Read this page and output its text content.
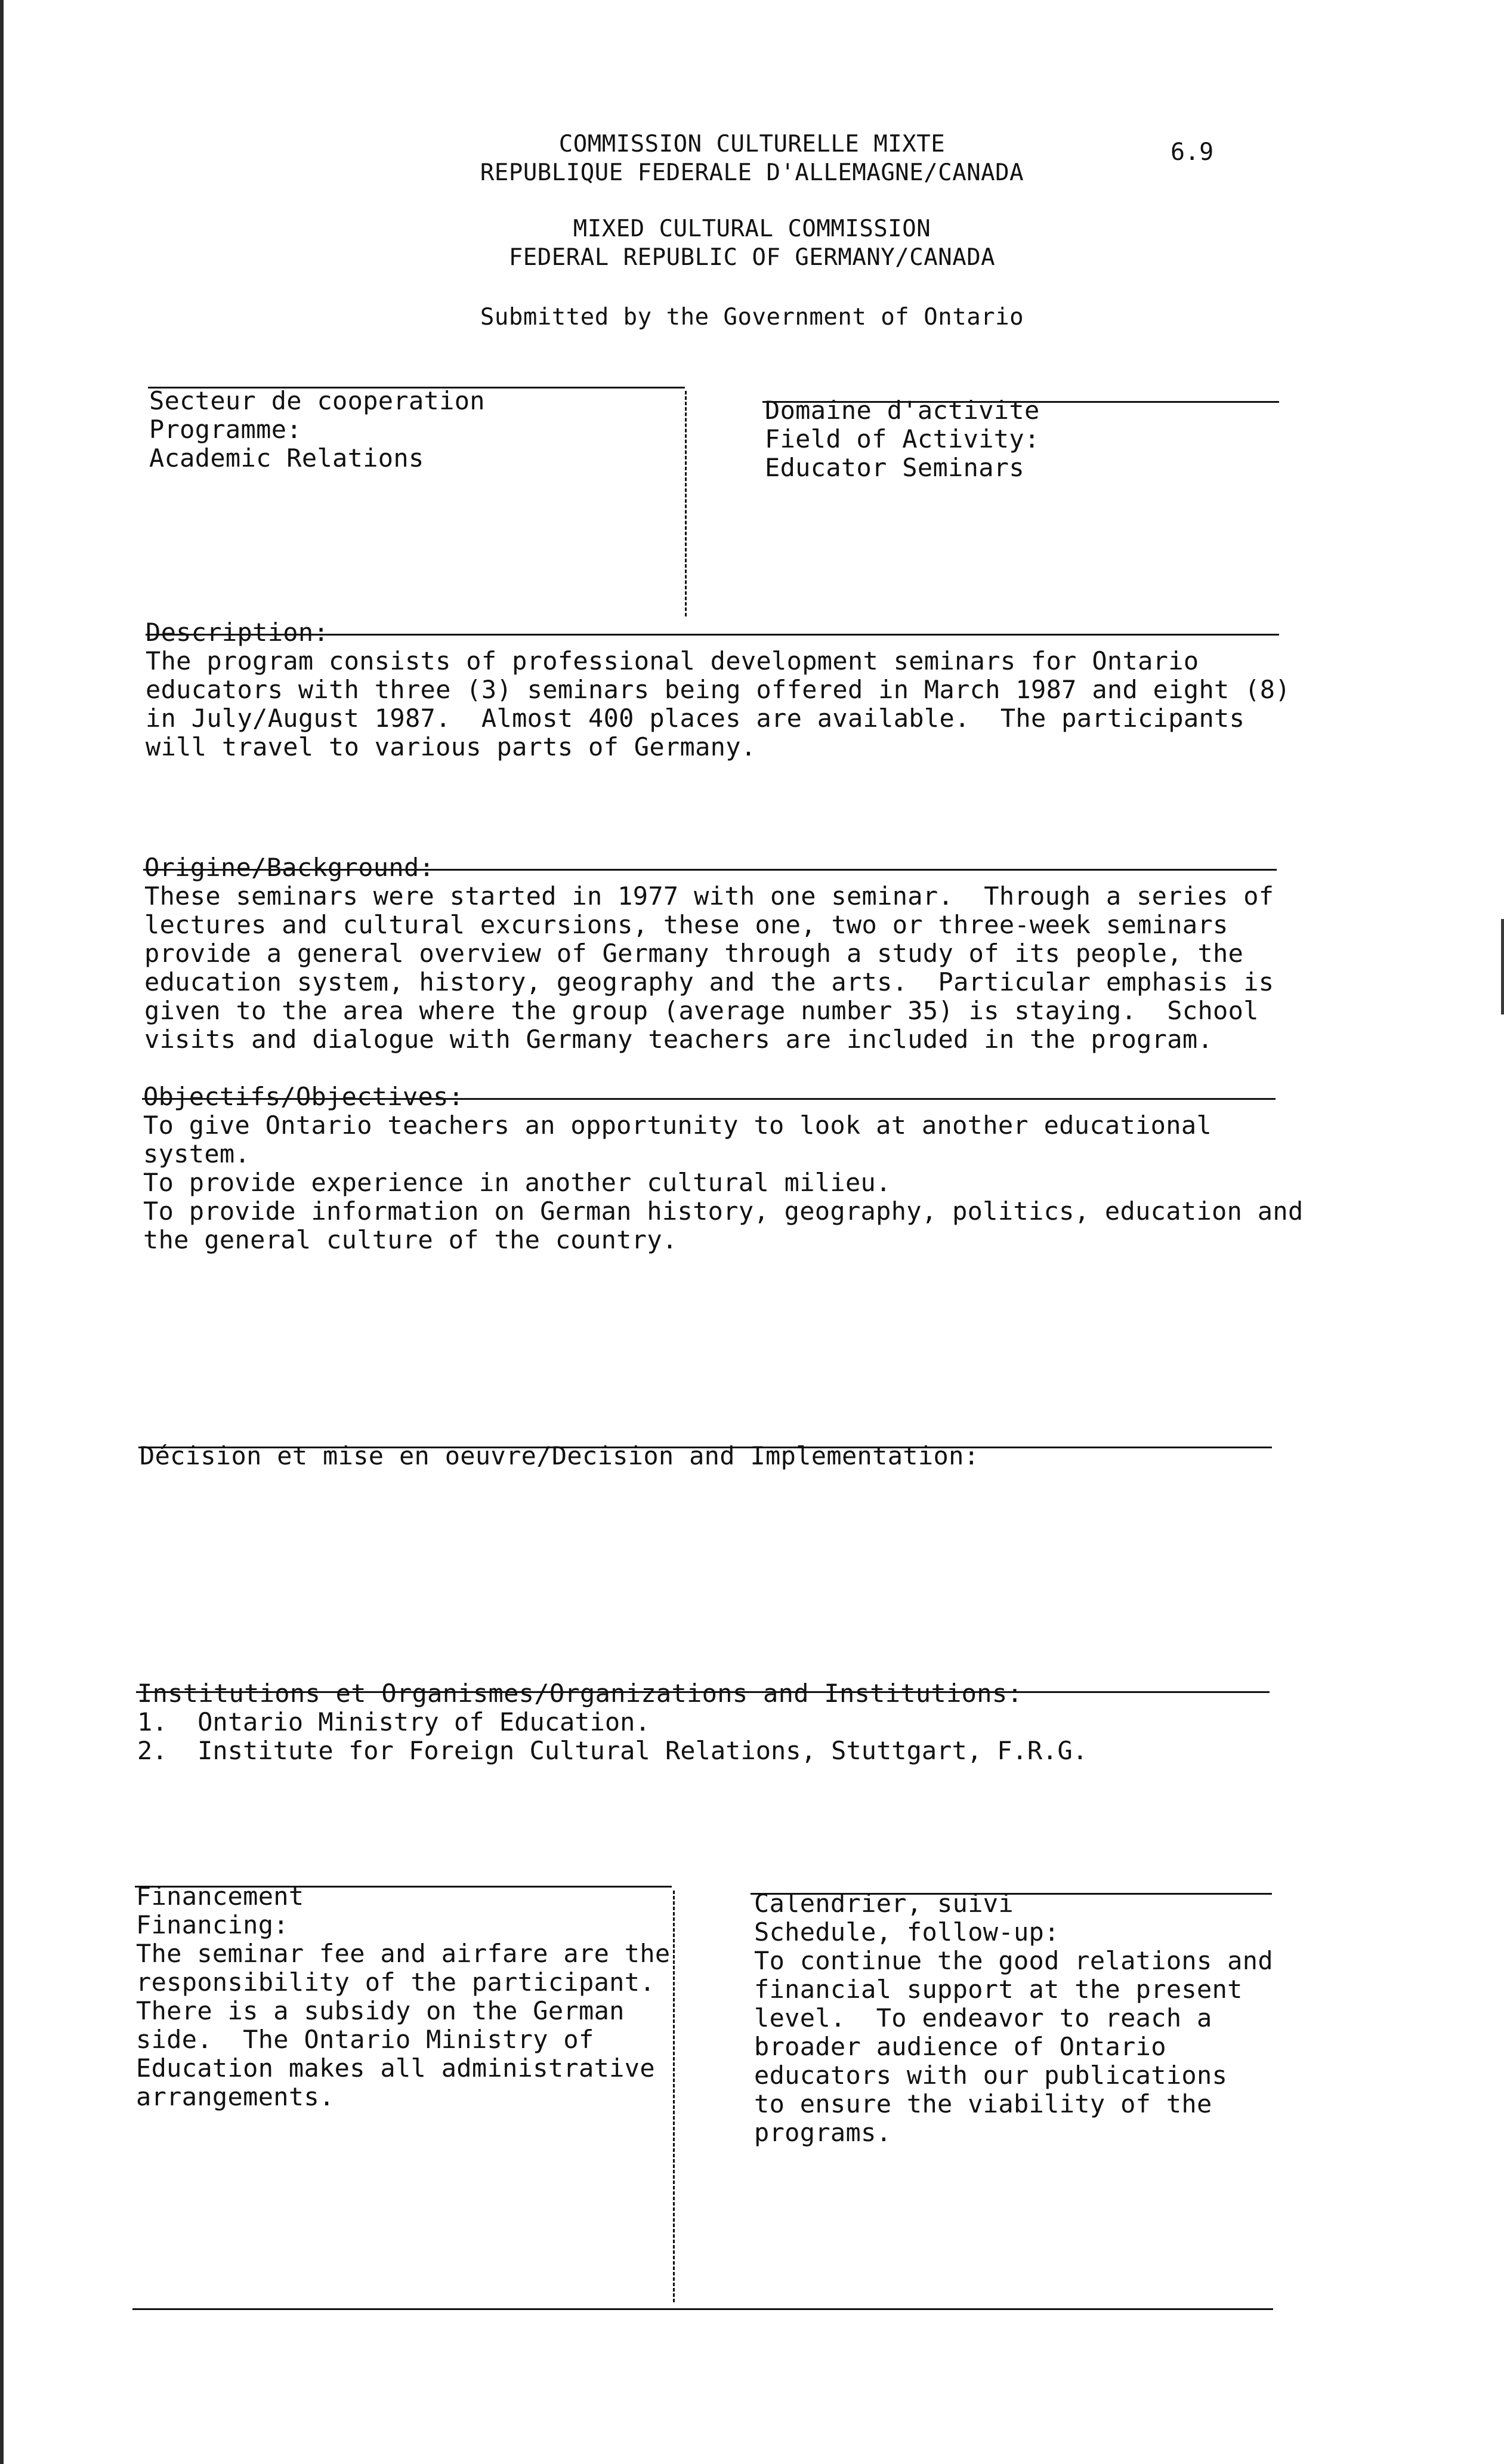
COMMISSION CULTURELLE MIXTE
REPUBLIQUE FEDERALE D'ALLEMAGNE/CANADA
MIXED CULTURAL COMMISSION
FEDERAL REPUBLIC OF GERMANY/CANADA
Submitted by the Government of Ontario
6.9
Secteur de cooperation
Programme:
Academic Relations
Domaine d'activite
Field of Activity:
Educator Seminars
Description:
The program consists of professional development seminars for Ontario
educators with three (3) seminars being offered in March 1987 and eight (8)
in July/August 1987.  Almost 400 places are available.  The participants
will travel to various parts of Germany.
Origine/Background:
These seminars were started in 1977 with one seminar.  Through a series of
lectures and cultural excursions, these one, two or three-week seminars
provide a general overview of Germany through a study of its people, the
education system, history, geography and the arts.  Particular emphasis is
given to the area where the group (average number 35) is staying.  School
visits and dialogue with Germany teachers are included in the program.
Objectifs/Objectives:
To give Ontario teachers an opportunity to look at another educational
system.
To provide experience in another cultural milieu.
To provide information on German history, geography, politics, education and
the general culture of the country.
Décision et mise en oeuvre/Decision and Implementation:
Institutions et Organismes/Organizations and Institutions:
1.  Ontario Ministry of Education.
2.  Institute for Foreign Cultural Relations, Stuttgart, F.R.G.
Financement
Financing:
The seminar fee and airfare are the
responsibility of the participant.
There is a subsidy on the German
side.  The Ontario Ministry of
Education makes all administrative
arrangements.
Calendrier, suivi
Schedule, follow-up:
To continue the good relations and
financial support at the present
level.  To endeavor to reach a
broader audience of Ontario
educators with our publications
to ensure the viability of the
programs.
